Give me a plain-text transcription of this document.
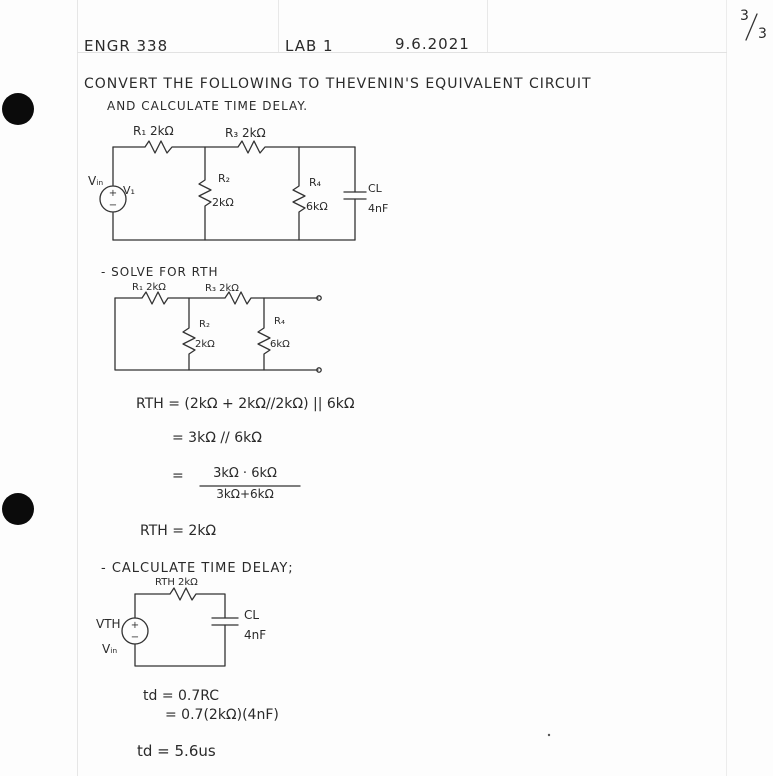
ENGR 338	LAB 1	9.6.2021
3
3
CONVERT THE FOLLOWING TO THEVENIN'S EQUIVALENT CIRCUIT
AND CALCULATE TIME DELAY.
R₁ 2kΩ	R₃ 2kΩ
Vᵢₙ
V₁
R₂
2kΩ
R₄
6kΩ
CL
4nF
- SOLVE FOR RTH
R₁ 2kΩ	R₃ 2kΩ
R₂
2kΩ
R₄
6kΩ
RTH = (2kΩ + 2kΩ//2kΩ) || 6kΩ
= 3kΩ // 6kΩ
=	3kΩ · 6kΩ
3kΩ+6kΩ
RTH = 2kΩ
- CALCULATE TIME DELAY;
RTH 2kΩ
VTH
Vᵢₙ
CL
4nF
td = 0.7RC
= 0.7(2kΩ)(4nF)
td = 5.6us
+
−
+
−
